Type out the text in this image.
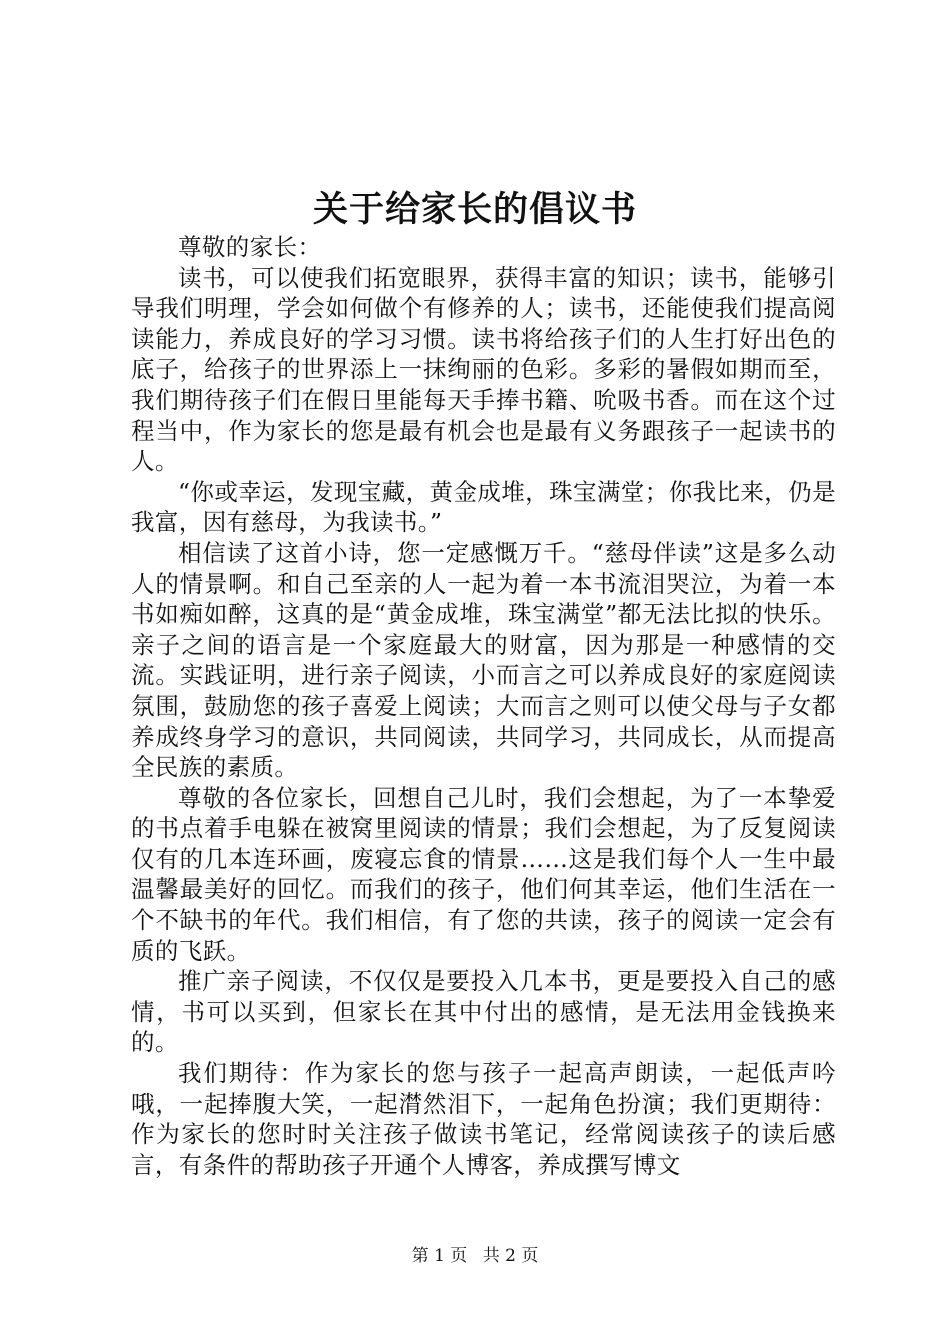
关于给家长的倡议书

尊敬的家长：

读书，可以使我们拓宽眼界，获得丰富的知识；读书，能够引导我们明理，学会如何做个有修养的人；读书，还能使我们提高阅读能力，养成良好的学习习惯。读书将给孩子们的人生打好出色的底子，给孩子的世界添上一抹绚丽的色彩。多彩的暑假如期而至，我们期待孩子们在假日里能每天手捧书籍、吮吸书香。而在这个过程当中，作为家长的您是最有机会也是最有义务跟孩子一起读书的人。

“你或幸运，发现宝藏，黄金成堆，珠宝满堂；你我比来，仍是我富，因有慈母，为我读书。”

相信读了这首小诗，您一定感慨万千。“慈母伴读”这是多么动人的情景啊。和自己至亲的人一起为着一本书流泪哭泣，为着一本书如痴如醉，这真的是“黄金成堆，珠宝满堂”都无法比拟的快乐。亲子之间的语言是一个家庭最大的财富，因为那是一种感情的交流。实践证明，进行亲子阅读，小而言之可以养成良好的家庭阅读氛围，鼓励您的孩子喜爱上阅读；大而言之则可以使父母与子女都养成终身学习的意识，共同阅读，共同学习，共同成长，从而提高全民族的素质。

尊敬的各位家长，回想自己儿时，我们会想起，为了一本挚爱的书点着手电躲在被窝里阅读的情景；我们会想起，为了反复阅读仅有的几本连环画，废寝忘食的情景……这是我们每个人一生中最温馨最美好的回忆。而我们的孩子，他们何其幸运，他们生活在一个不缺书的年代。我们相信，有了您的共读，孩子的阅读一定会有质的飞跃。

推广亲子阅读，不仅仅是要投入几本书，更是要投入自己的感情，书可以买到，但家长在其中付出的感情，是无法用金钱换来的。

我们期待：作为家长的您与孩子一起高声朗读，一起低声吟哦，一起捧腹大笑，一起潸然泪下，一起角色扮演；我们更期待：作为家长的您时时关注孩子做读书笔记，经常阅读孩子的读后感言，有条件的帮助孩子开通个人博客，养成撰写博文

第 1 页 共 2 页
